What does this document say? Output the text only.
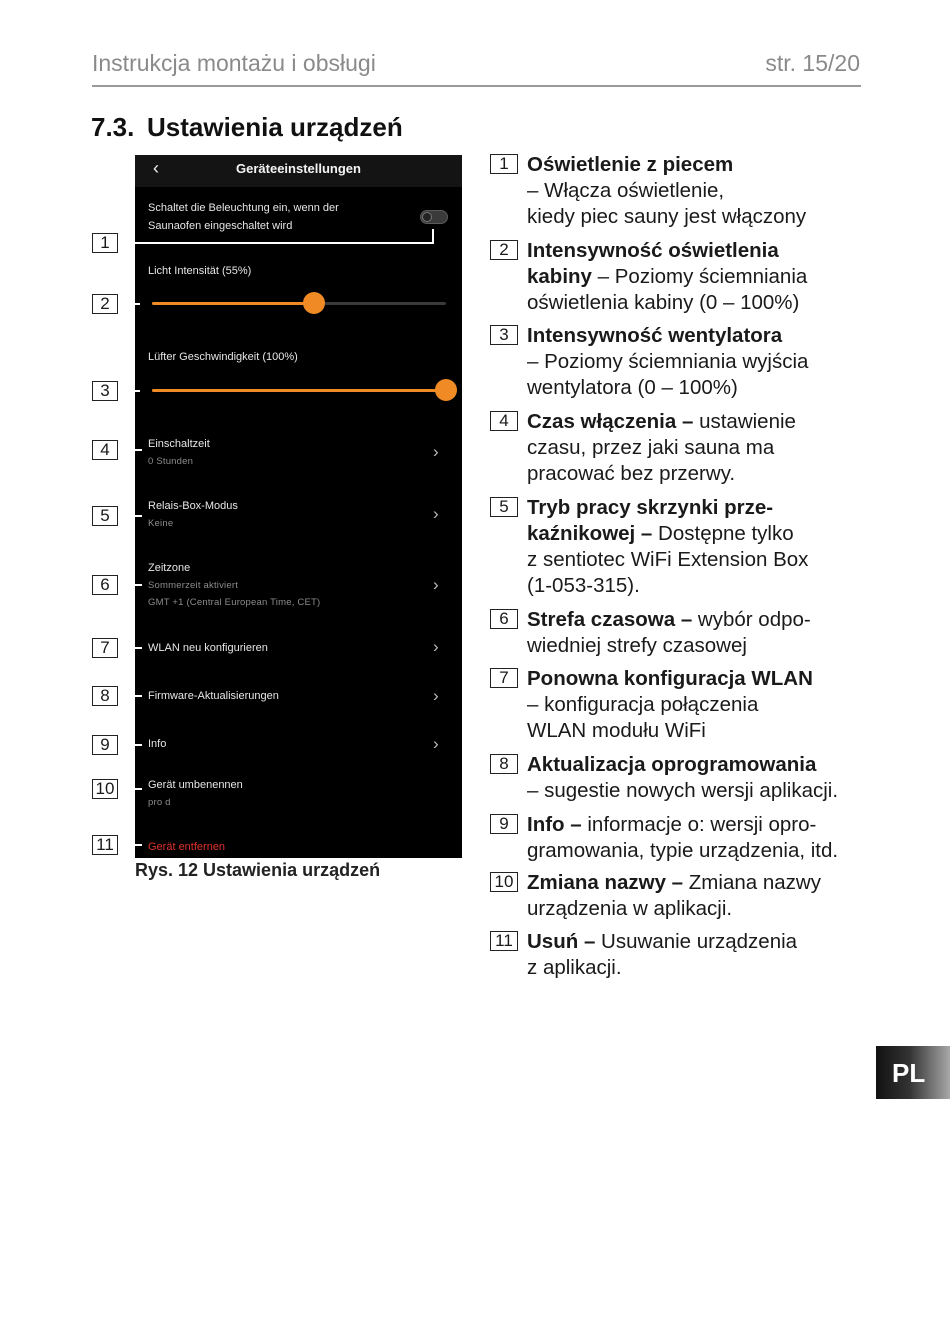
Instrukcja montażu i obsługi	str. 15/20
7.3. Ustawienia urządzeń
‹	Geräteeinstellungen
Schaltet die Beleuchtung ein, wenn der
Saunaofen eingeschaltet wird
Licht Intensität (55%)
Lüfter Geschwindigkeit (100%)
Einschaltzeit
0 Stunden
›
Relais-Box-Modus
Keine
›
Zeitzone
Sommerzeit aktiviert
GMT +1 (Central European Time, CET)
›
WLAN neu konfigurieren	›
Firmware-Aktualisierungen	›
Info	›
Gerät umbenennen
pro d
Gerät entfernen
1
2
3
4
5
6
7
8
9
10
11
Rys. 12 Ustawienia urządzeń
1 Oświetlenie z piecem
– Włącza oświetlenie,
kiedy piec sauny jest włączony
2 Intensywność oświetlenia
kabiny – Poziomy ściemniania
oświetlenia kabiny (0 – 100%)
3 Intensywność wentylatora
– Poziomy ściemniania wyjścia
wentylatora (0 – 100%)
4 Czas włączenia – ustawienie
czasu, przez jaki sauna ma
pracować bez przerwy.
5 Tryb pracy skrzynki prze-
kaźnikowej – Dostępne tylko
z sentiotec WiFi Extension Box
(1-053-315).
6 Strefa czasowa – wybór odpo-
wiedniej strefy czasowej
7 Ponowna konfiguracja WLAN
– konfiguracja połączenia
WLAN modułu WiFi
8 Aktualizacja oprogramowania
– sugestie nowych wersji aplikacji.
9 Info – informacje o: wersji opro-
gramowania, typie urządzenia, itd.
10 Zmiana nazwy – Zmiana nazwy
urządzenia w aplikacji.
11 Usuń – Usuwanie urządzenia
z aplikacji.
PL
